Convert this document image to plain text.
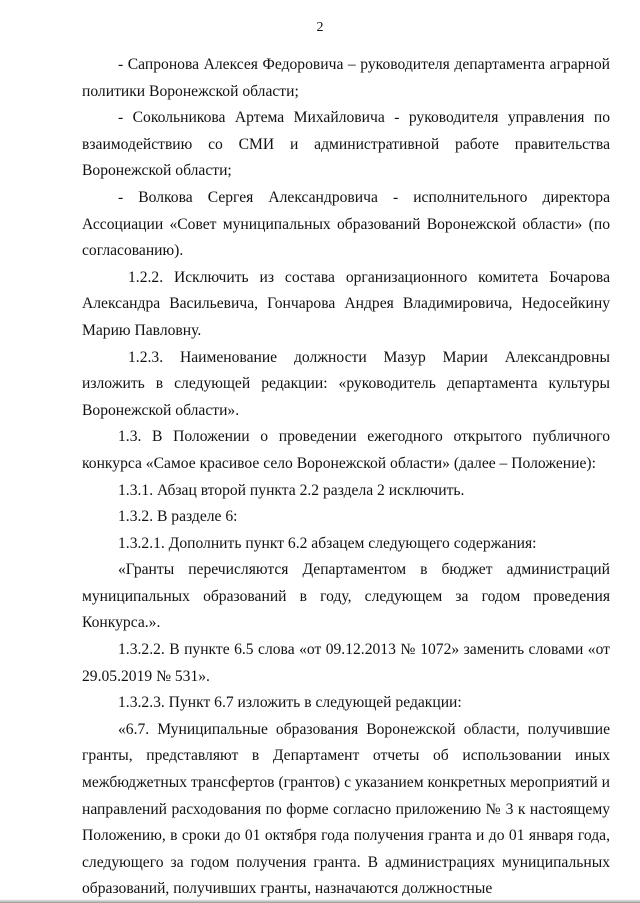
2

- Сапронова Алексея Федоровича – руководителя департамента аграрной политики Воронежской области;

- Сокольникова Артема Михайловича - руководителя управления по взаимодействию со СМИ и административной работе правительства Воронежской области;

- Волкова Сергея Александровича - исполнительного директора Ассоциации «Совет муниципальных образований Воронежской области» (по согласованию).

1.2.2. Исключить из состава организационного комитета Бочарова Александра Васильевича, Гончарова Андрея Владимировича, Недосейкину Марию Павловну.

1.2.3. Наименование должности Мазур Марии Александровны изложить в следующей редакции: «руководитель департамента культуры Воронежской области».

1.3. В Положении о проведении ежегодного открытого публичного конкурса «Самое красивое село Воронежской области» (далее – Положение):

1.3.1. Абзац второй пункта 2.2 раздела 2 исключить.

1.3.2. В разделе 6:

1.3.2.1. Дополнить пункт 6.2 абзацем следующего содержания:

«Гранты перечисляются Департаментом в бюджет администраций муниципальных образований в году, следующем за годом проведения Конкурса.».

1.3.2.2. В пункте 6.5 слова «от 09.12.2013 № 1072» заменить словами «от 29.05.2019 № 531».

1.3.2.3. Пункт 6.7 изложить в следующей редакции:

«6.7. Муниципальные образования Воронежской области, получившие гранты, представляют в Департамент отчеты об использовании иных межбюджетных трансфертов (грантов) с указанием конкретных мероприятий и направлений расходования по форме согласно приложению № 3 к настоящему Положению, в сроки до 01 октября года получения гранта и до 01 января года, следующего за годом получения гранта. В администрациях муниципальных образований, получивших гранты, назначаются должностные
